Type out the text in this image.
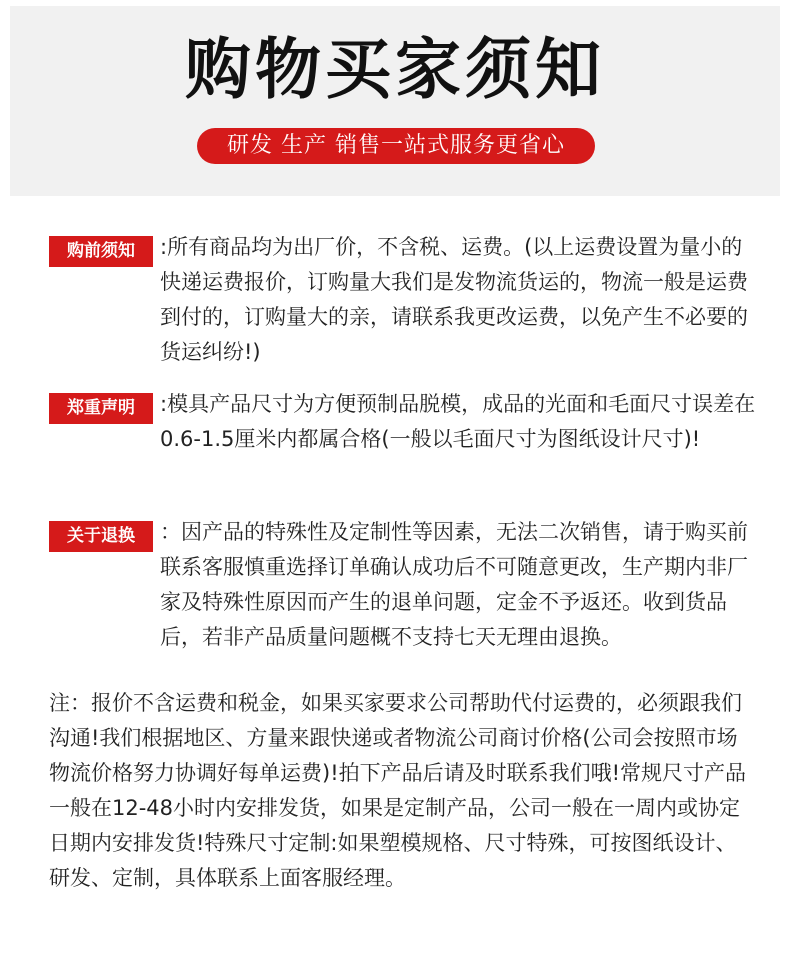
购物买家须知
研发 生产 销售一站式服务更省心
购前须知	:所有商品均为出厂价，不含税、运费。(以上运费设置为量小的快递运费报价，订购量大我们是发物流货运的，物流一般是运费到付的，订购量大的亲，请联系我更改运费，以免产生不必要的货运纠纷!)
郑重声明	:模具产品尺寸为方便预制品脱模，成品的光面和毛面尺寸误差在0.6-1.5厘米内都属合格(一般以毛面尺寸为图纸设计尺寸)!
关于退换	：因产品的特殊性及定制性等因素，无法二次销售，请于购买前联系客服慎重选择订单确认成功后不可随意更改，生产期内非厂家及特殊性原因而产生的退单问题，定金不予返还。收到货品后，若非产品质量问题概不支持七天无理由退换。
注：报价不含运费和税金，如果买家要求公司帮助代付运费的，必须跟我们沟通!我们根据地区、方量来跟快递或者物流公司商讨价格(公司会按照市场物流价格努力协调好每单运费)!拍下产品后请及时联系我们哦!常规尺寸产品一般在12-48小时内安排发货，如果是定制产品，公司一般在一周内或协定日期内安排发货!特殊尺寸定制:如果塑模规格、尺寸特殊，可按图纸设计、研发、定制，具体联系上面客服经理。
